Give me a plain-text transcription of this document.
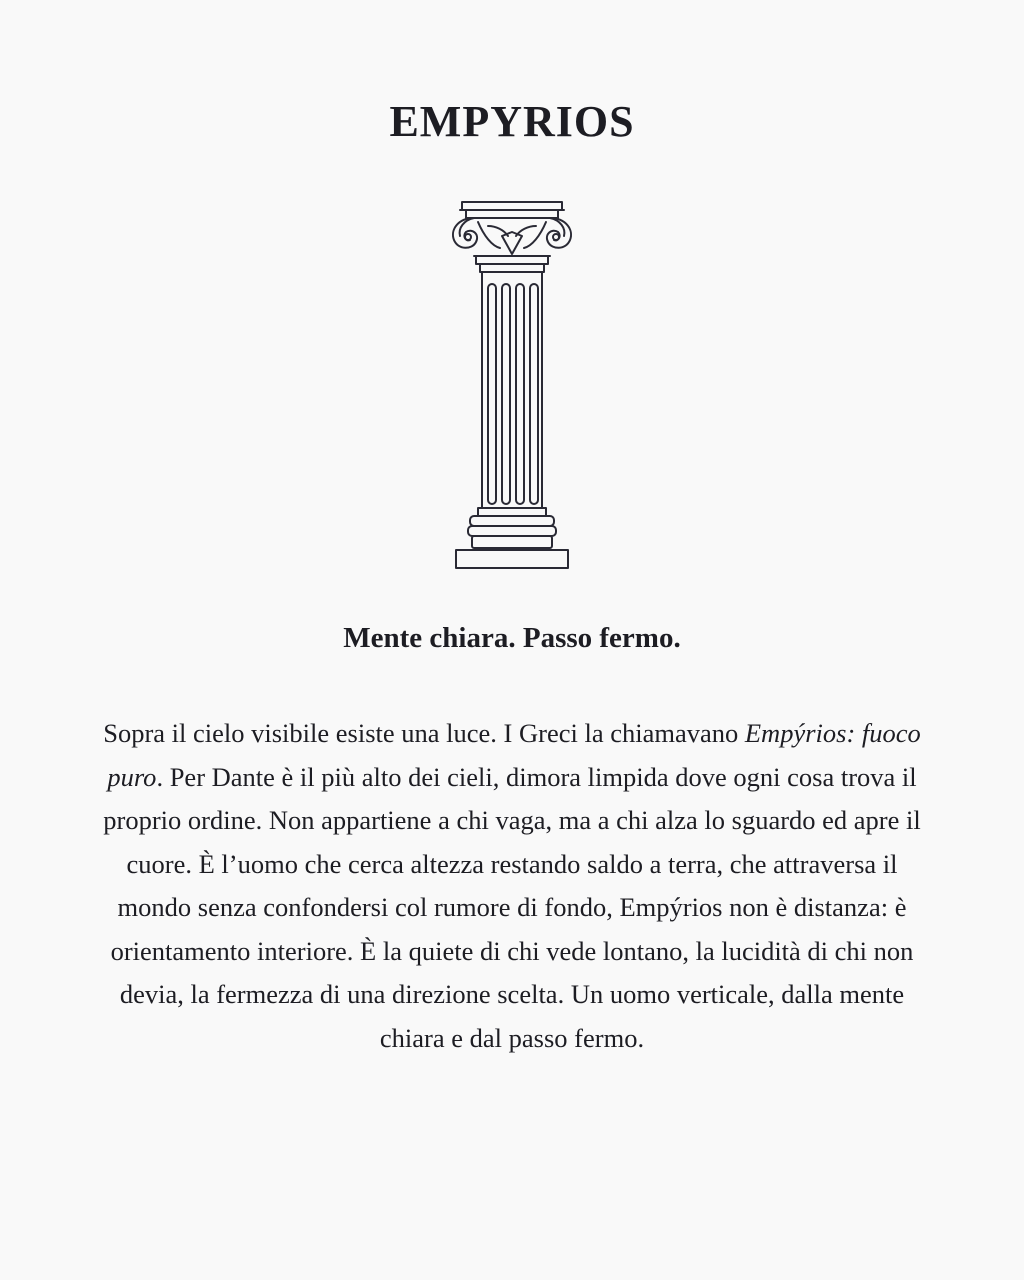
EMPYRIOS
Mente chiara. Passo fermo.

Sopra il cielo visibile esiste una luce. I Greci la chiamavano Empýrios: fuoco puro. Per Dante è il più alto dei cieli, dimora limpida dove ogni cosa trova il proprio ordine. Non appartiene a chi vaga, ma a chi alza lo sguardo ed apre il cuore. È l’uomo che cerca altezza restando saldo a terra, che attraversa il mondo senza confondersi col rumore di fondo, Empýrios non è distanza: è orientamento interiore. È la quiete di chi vede lontano, la lucidità di chi non devia, la fermezza di una direzione scelta. Un uomo verticale, dalla mente chiara e dal passo fermo.
